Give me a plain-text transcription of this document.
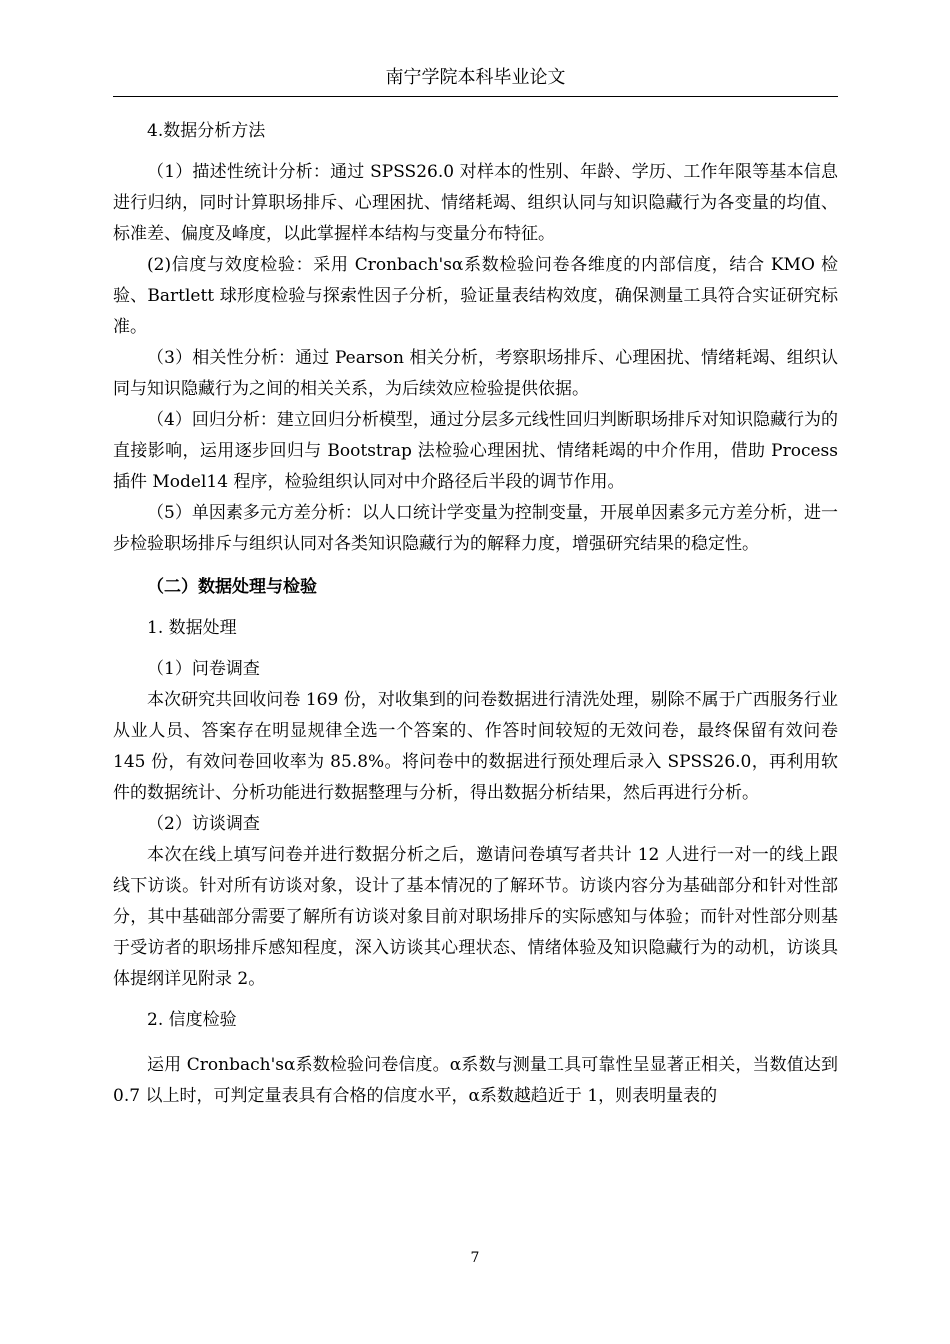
南宁学院本科毕业论文

4.数据分析方法

（1）描述性统计分析：通过 SPSS26.0 对样本的性别、年龄、学历、工作年限等基本信息进行归纳，同时计算职场排斥、心理困扰、情绪耗竭、组织认同与知识隐藏行为各变量的均值、标准差、偏度及峰度，以此掌握样本结构与变量分布特征。

(2)信度与效度检验：采用 Cronbach'sα系数检验问卷各维度的内部信度，结合 KMO 检验、Bartlett 球形度检验与探索性因子分析，验证量表结构效度，确保测量工具符合实证研究标准。

（3）相关性分析：通过 Pearson 相关分析，考察职场排斥、心理困扰、情绪耗竭、组织认同与知识隐藏行为之间的相关关系，为后续效应检验提供依据。

（4）回归分析：建立回归分析模型，通过分层多元线性回归判断职场排斥对知识隐藏行为的直接影响，运用逐步回归与 Bootstrap 法检验心理困扰、情绪耗竭的中介作用，借助 Process 插件 Model14 程序，检验组织认同对中介路径后半段的调节作用。

（5）单因素多元方差分析：以人口统计学变量为控制变量，开展单因素多元方差分析，进一步检验职场排斥与组织认同对各类知识隐藏行为的解释力度，增强研究结果的稳定性。

（二）数据处理与检验

1. 数据处理

（1）问卷调查

本次研究共回收问卷 169 份，对收集到的问卷数据进行清洗处理，剔除不属于广西服务行业从业人员、答案存在明显规律全选一个答案的、作答时间较短的无效问卷，最终保留有效问卷 145 份，有效问卷回收率为 85.8%。将问卷中的数据进行预处理后录入 SPSS26.0，再利用软件的数据统计、分析功能进行数据整理与分析，得出数据分析结果，然后再进行分析。

（2）访谈调查

本次在线上填写问卷并进行数据分析之后，邀请问卷填写者共计 12 人进行一对一的线上跟线下访谈。针对所有访谈对象，设计了基本情况的了解环节。访谈内容分为基础部分和针对性部分，其中基础部分需要了解所有访谈对象目前对职场排斥的实际感知与体验；而针对性部分则基于受访者的职场排斥感知程度，深入访谈其心理状态、情绪体验及知识隐藏行为的动机，访谈具体提纲详见附录 2。

2. 信度检验

运用 Cronbach'sα系数检验问卷信度。α系数与测量工具可靠性呈显著正相关，当数值达到 0.7 以上时，可判定量表具有合格的信度水平，α系数越趋近于 1，则表明量表的

7
